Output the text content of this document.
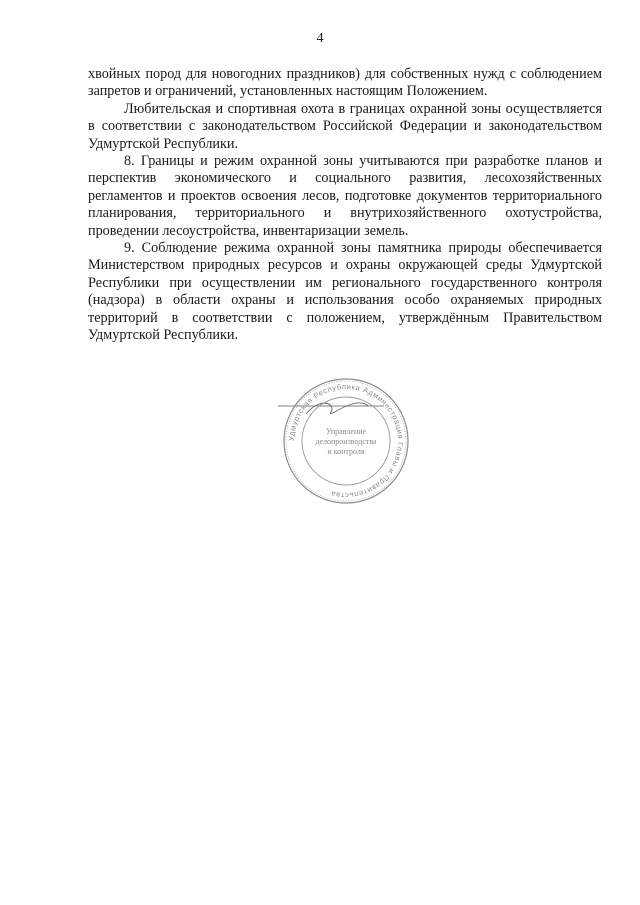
4

хвойных пород для новогодних праздников) для собственных нужд с соблюдением запретов и ограничений, установленных настоящим Положением.

Любительская и спортивная охота в границах охранной зоны осуществляется в соответствии с законодательством Российской Федерации и законодательством Удмуртской Республики.

8. Границы и режим охранной зоны учитываются при разработке планов и перспектив экономического и социального развития, лесохозяйственных регламентов и проектов освоения лесов, подготовке документов территориального планирования, территориального и внутрихозяйственного охотустройства, проведении лесоустройства, инвентаризации земель.

9. Соблюдение режима охранной зоны памятника природы обеспечивается Министерством природных ресурсов и охраны окружающей среды Удмуртской Республики при осуществлении им регионального государственного контроля (надзора) в области охраны и использования особо охраняемых природных территорий в соответствии с положением, утверждённым Правительством Удмуртской Республики.

Удмуртская Республика Администрация Главы и Правительства
Управление
делопроизводства
и контроля
